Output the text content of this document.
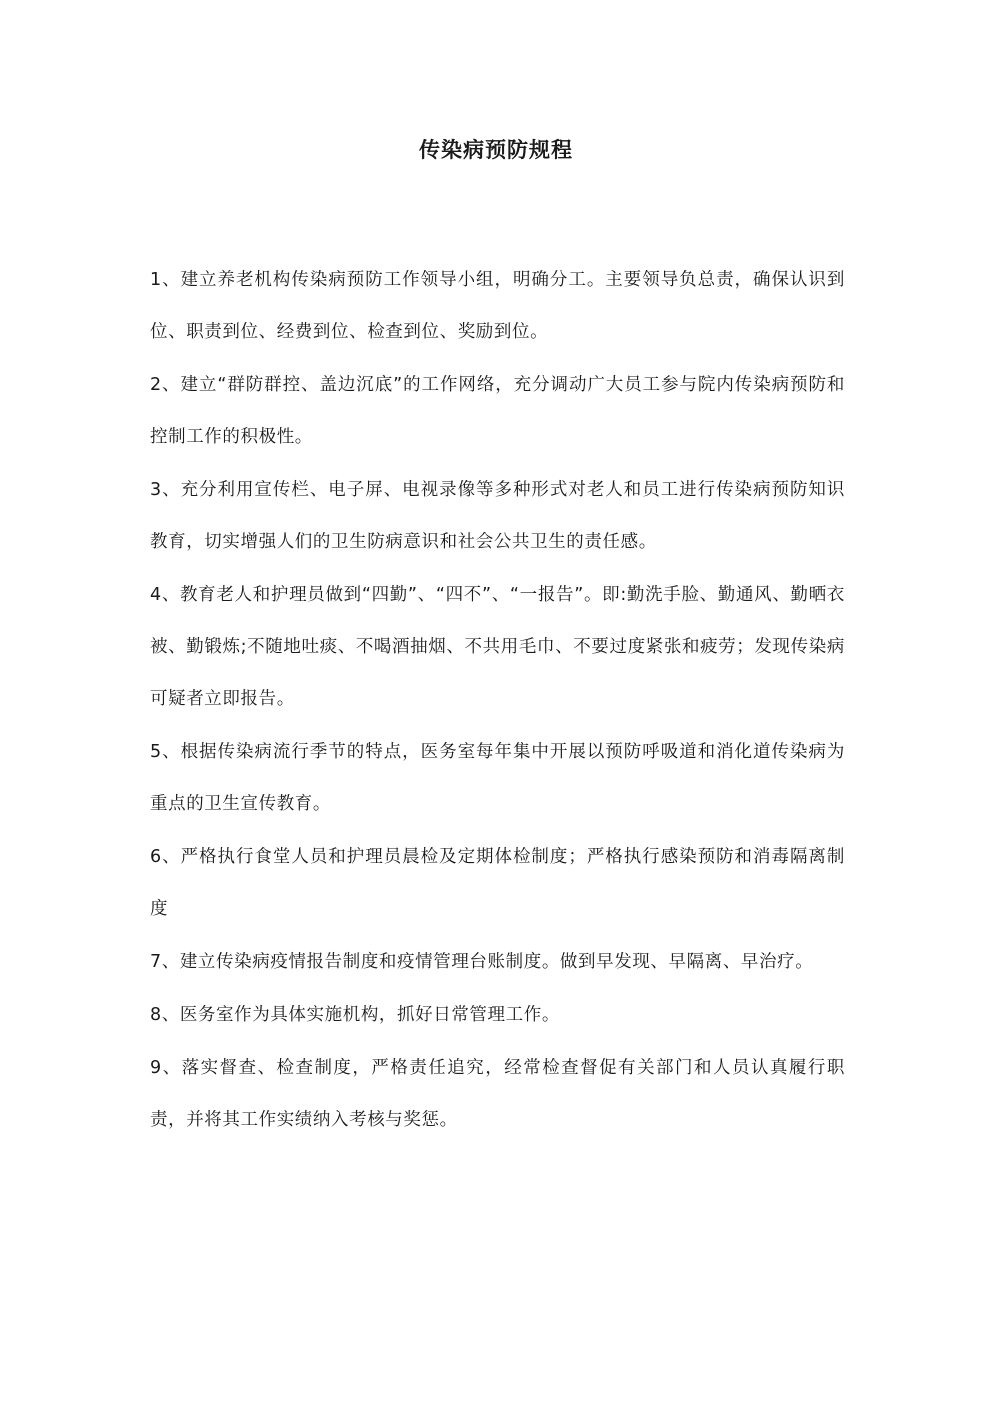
传染病预防规程
1、建立养老机构传染病预防工作领导小组，明确分工。主要领导负总责，确保认识到位、职责到位、经费到位、检查到位、奖励到位。
2、建立“群防群控、盖边沉底”的工作网络，充分调动广大员工参与院内传染病预防和控制工作的积极性。
3、充分利用宣传栏、电子屏、电视录像等多种形式对老人和员工进行传染病预防知识教育，切实增强人们的卫生防病意识和社会公共卫生的责任感。
4、教育老人和护理员做到“四勤”、“四不”、“一报告”。即:勤洗手脸、勤通风、勤晒衣被、勤锻炼;不随地吐痰、不喝酒抽烟、不共用毛巾、不要过度紧张和疲劳；发现传染病可疑者立即报告。
5、根据传染病流行季节的特点，医务室每年集中开展以预防呼吸道和消化道传染病为重点的卫生宣传教育。
6、严格执行食堂人员和护理员晨检及定期体检制度；严格执行感染预防和消毒隔离制度
7、建立传染病疫情报告制度和疫情管理台账制度。做到早发现、早隔离、早治疗。
8、医务室作为具体实施机构，抓好日常管理工作。
9、落实督查、检查制度，严格责任追究，经常检查督促有关部门和人员认真履行职责，并将其工作实绩纳入考核与奖惩。
